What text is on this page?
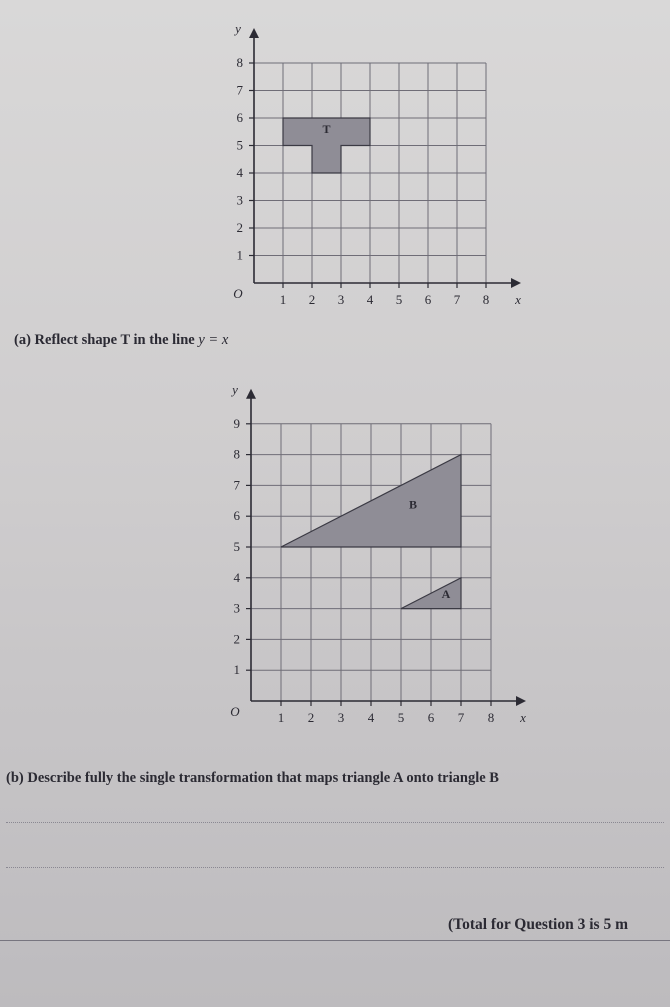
T
1 2 3 4 5 6 7 8
1
2
3
4
5
6
7
8
O	x
y
(a) Reflect shape T in the line y = x
B
A
1 2 3 4 5 6 7 8
1
2
3
4
5
6
7
8
9
O	x
y
(b) Describe fully the single transformation that maps triangle A onto triangle B
(Total for Question 3 is 5 m
